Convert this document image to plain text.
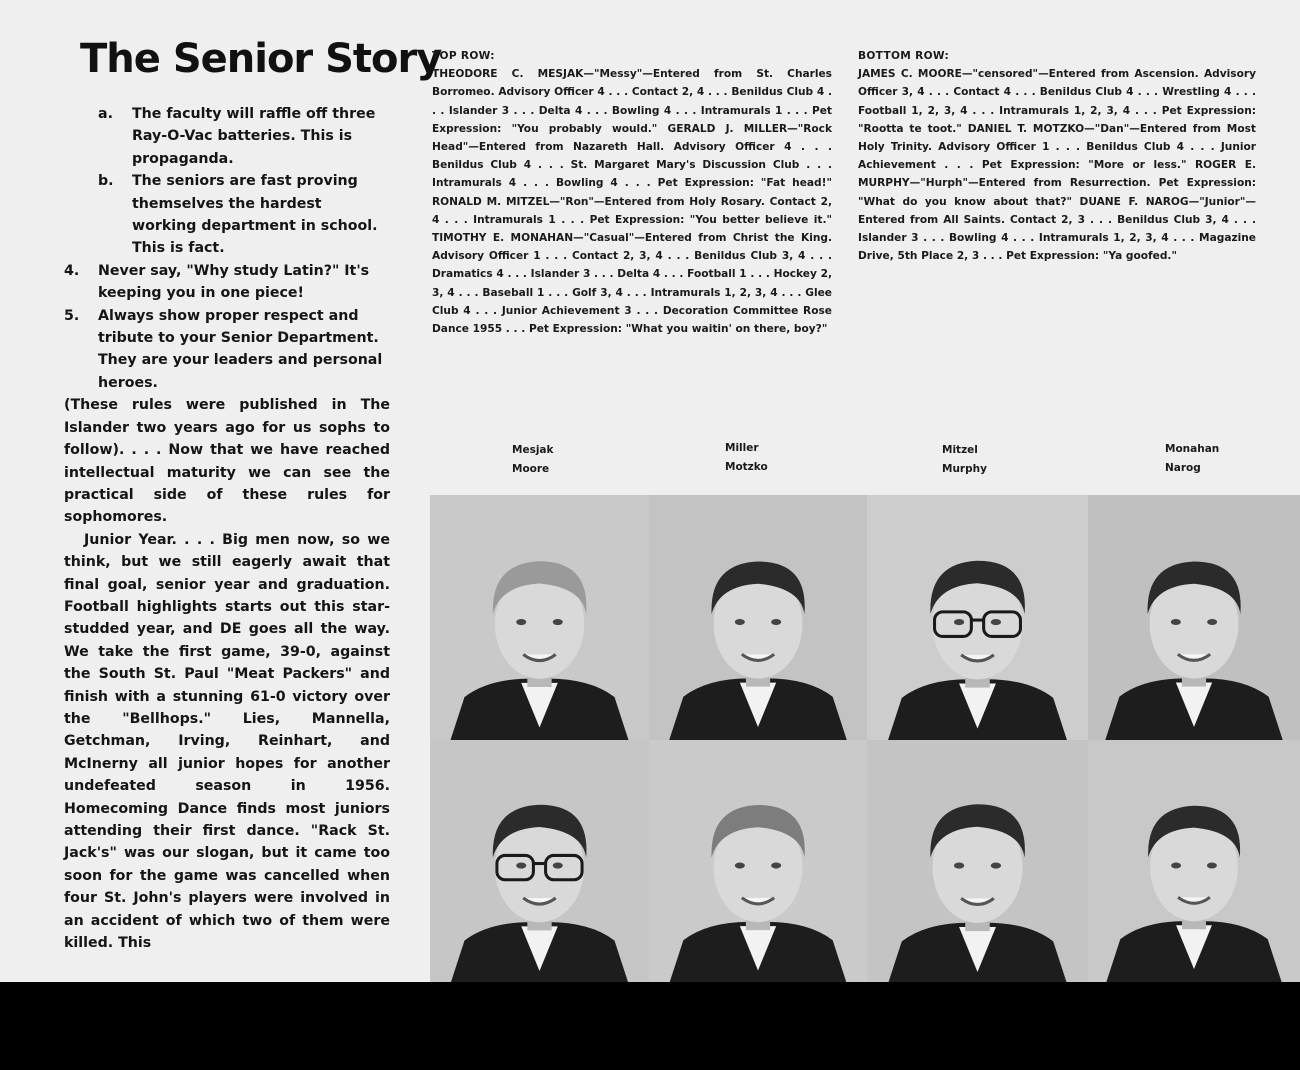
The Senior Story
a.	The faculty will raffle off three Ray-O-Vac batteries. This is propaganda.
b.	The seniors are fast proving themselves the hardest working department in school. This is fact.
4.	Never say, "Why study Latin?" It's keeping you in one piece!
5.	Always show proper respect and tribute to your Senior Department. They are your leaders and personal heroes.

(These rules were published in The Islander two years ago for us sophs to follow). . . . Now that we have reached intellectual maturity we can see the practical side of these rules for sophomores.

Junior Year. . . . Big men now, so we think, but we still eagerly await that final goal, senior year and graduation. Football highlights starts out this star-studded year, and DE goes all the way. We take the first game, 39-0, against the South St. Paul "Meat Packers" and finish with a stunning 61-0 victory over the "Bellhops." Lies, Mannella, Getchman, Irving, Reinhart, and McInerny all junior hopes for another undefeated season in 1956. Homecoming Dance finds most juniors attending their first dance. "Rack St. Jack's" was our slogan, but it came too soon for the game was cancelled when four St. John's players were involved in an accident of which two of them were killed. This

TOP ROW:
THEODORE C. MESJAK—"Messy"—Entered from St. Charles Borromeo. Advisory Officer 4 . . . Contact 2, 4 . . . Benildus Club 4 . . . Islander 3 . . . Delta 4 . . . Bowling 4 . . . Intramurals 1 . . . Pet Expression: "You probably would." GERALD J. MILLER—"Rock Head"—Entered from Nazareth Hall. Advisory Officer 4 . . . Benildus Club 4 . . . St. Margaret Mary's Discussion Club . . . Intramurals 4 . . . Bowling 4 . . . Pet Expression: "Fat head!" RONALD M. MITZEL—"Ron"—Entered from Holy Rosary. Contact 2, 4 . . . Intramurals 1 . . . Pet Expression: "You better believe it." TIMOTHY E. MONAHAN—"Casual"—Entered from Christ the King. Advisory Officer 1 . . . Contact 2, 3, 4 . . . Benildus Club 3, 4 . . . Dramatics 4 . . . Islander 3 . . . Delta 4 . . . Football 1 . . . Hockey 2, 3, 4 . . . Baseball 1 . . . Golf 3, 4 . . . Intramurals 1, 2, 3, 4 . . . Glee Club 4 . . . Junior Achievement 3 . . . Decoration Committee Rose Dance 1955 . . . Pet Expression: "What you waitin' on there, boy?"
BOTTOM ROW:
JAMES C. MOORE—"censored"—Entered from Ascension. Advisory Officer 3, 4 . . . Contact 4 . . . Benildus Club 4 . . . Wrestling 4 . . . Football 1, 2, 3, 4 . . . Intramurals 1, 2, 3, 4 . . . Pet Expression: "Rootta te toot." DANIEL T. MOTZKO—"Dan"—Entered from Most Holy Trinity. Advisory Officer 1 . . . Benildus Club 4 . . . Junior Achievement . . . Pet Expression: "More or less." ROGER E. MURPHY—"Hurph"—Entered from Resurrection. Pet Expression: "What do you know about that?" DUANE F. NAROG—"Junior"—Entered from All Saints. Contact 2, 3 . . . Benildus Club 3, 4 . . . Islander 3 . . . Bowling 4 . . . Intramurals 1, 2, 3, 4 . . . Magazine Drive, 5th Place 2, 3 . . . Pet Expression: "Ya goofed."
Mesjak
Moore
Miller
Motzko
Mitzel
Murphy
Monahan
Narog
